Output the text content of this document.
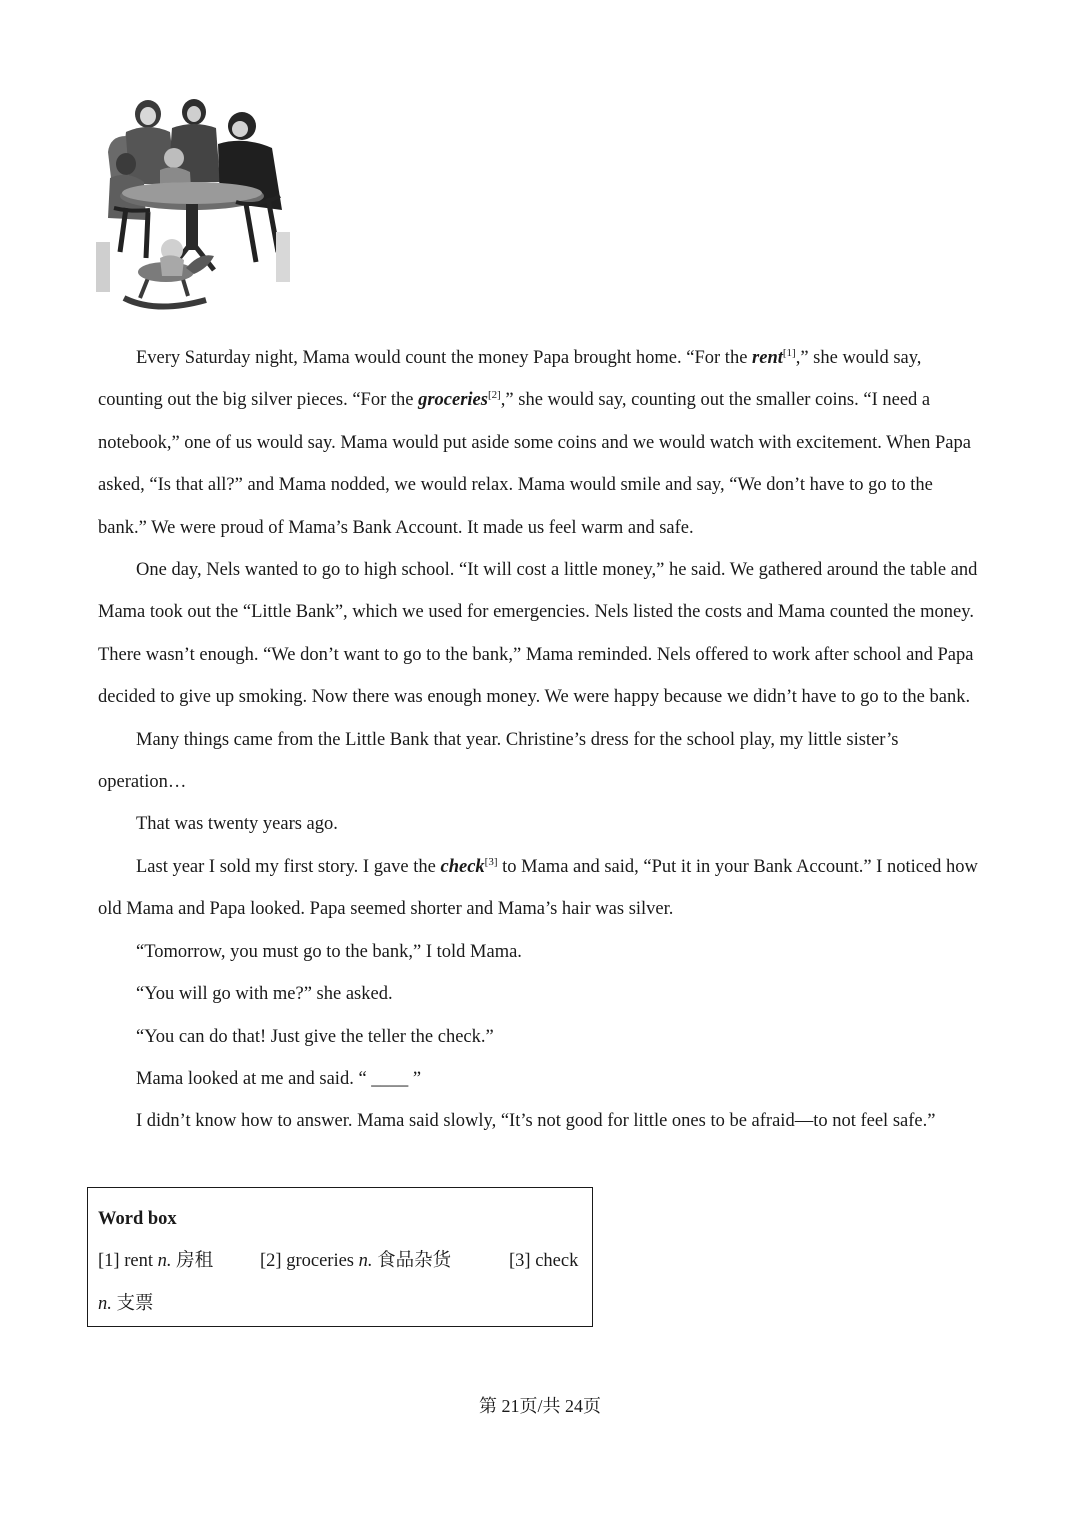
Every Saturday night, Mama would count the money Papa brought home. “For the rent[1],” she would say, counting out the big silver pieces. “For the groceries[2],” she would say, counting out the smaller coins. “I need a notebook,” one of us would say. Mama would put aside some coins and we would watch with excitement. When Papa asked, “Is that all?” and Mama nodded, we would relax. Mama would smile and say, “We don’t have to go to the bank.” We were proud of Mama’s Bank Account. It made us feel warm and safe.

One day, Nels wanted to go to high school. “It will cost a little money,” he said. We gathered around the table and Mama took out the “Little Bank”, which we used for emergencies. Nels listed the costs and Mama counted the money. There wasn’t enough. “We don’t want to go to the bank,” Mama reminded. Nels offered to work after school and Papa decided to give up smoking. Now there was enough money. We were happy because we didn’t have to go to the bank.

Many things came from the Little Bank that year. Christine’s dress for the school play, my little sister’s operation…

That was twenty years ago.

Last year I sold my first story. I gave the check[3] to Mama and said, “Put it in your Bank Account.” I noticed how old Mama and Papa looked. Papa seemed shorter and Mama’s hair was silver.

“Tomorrow, you must go to the bank,” I told Mama.

“You will go with me?” she asked.

“You can do that! Just give the teller the check.”

Mama looked at me and said. “ ____ ”

I didn’t know how to answer. Mama said slowly, “It’s not good for little ones to be afraid—to not feel safe.”

Word box
[1] rent n. 房租	[2] groceries n. 食品杂货	[3] check
n. 支票
第 21页/共 24页
